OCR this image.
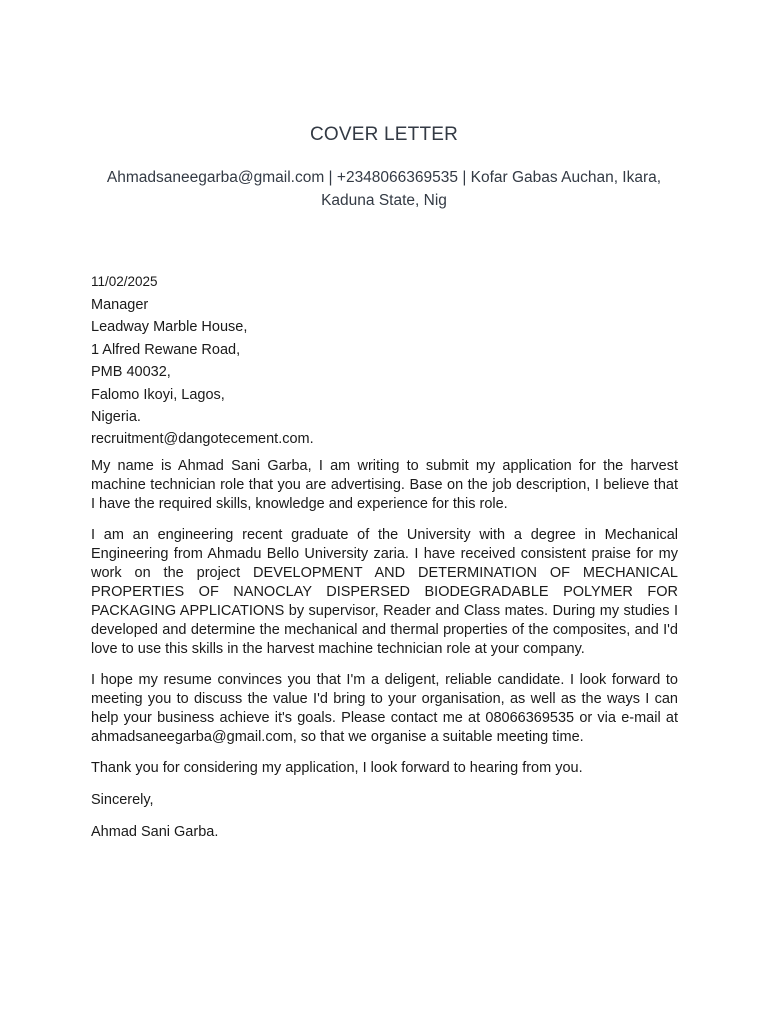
COVER LETTER
Ahmadsaneegarba@gmail.com | +2348066369535 | Kofar Gabas Auchan, Ikara, Kaduna State, Nig
11/02/2025
Manager
Leadway Marble House,
1 Alfred Rewane Road,
PMB 40032,
Falomo Ikoyi, Lagos,
Nigeria.
recruitment@dangotecement.com.

My name is Ahmad Sani Garba, I am writing to submit my application for the harvest machine technician role that you are advertising. Base on the job description, I believe that I have the required skills, knowledge and experience for this role.

I am an engineering recent graduate of the University with a degree in Mechanical Engineering from Ahmadu Bello University zaria. I have received consistent praise for my work on the project DEVELOPMENT AND DETERMINATION OF MECHANICAL PROPERTIES OF NANOCLAY DISPERSED BIODEGRADABLE POLYMER FOR PACKAGING APPLICATIONS by supervisor, Reader and Class mates. During my studies I developed and determine the mechanical and thermal properties of the composites, and I'd love to use this skills in the harvest machine technician role at your company.

I hope my resume convinces you that I'm a deligent, reliable candidate. I look forward to meeting you to discuss the value I'd bring to your organisation, as well as the ways I can help your business achieve it's goals. Please contact me at 08066369535 or via e-mail at ahmadsaneegarba@gmail.com, so that we organise a suitable meeting time.

Thank you for considering my application, I look forward to hearing from you.

Sincerely,

Ahmad Sani Garba.
